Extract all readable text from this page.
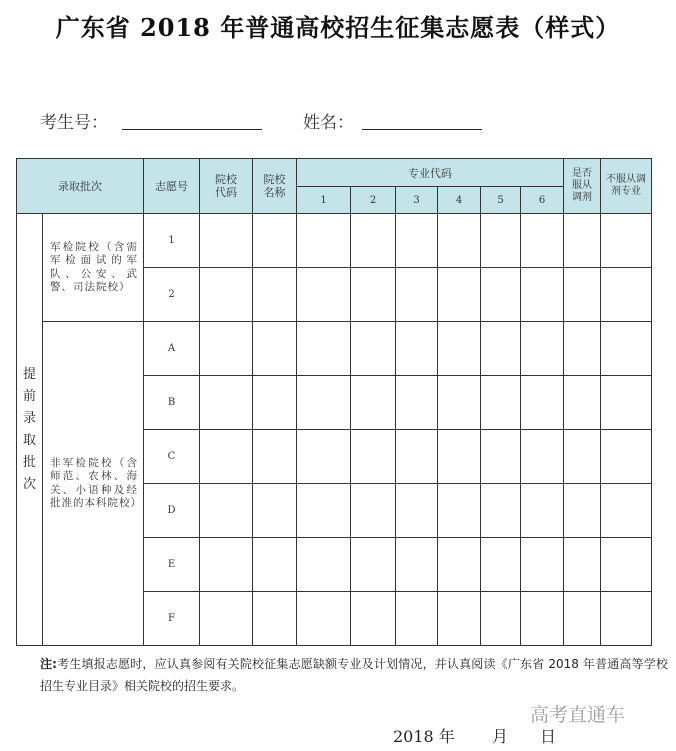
广东省 2018 年普通高校招生征集志愿表（样式）
考生号：	姓名：
录取批次		志愿号	院校代码	院校名称	专业代码						是否服从调剂	不服从调剂专业
					1	2	3	4	5	6		
提前录取批次	军检院校（含需军检面试的军队、公安、武警、司法院校）	1										
		2										

	非军检院校（含师范、农林、海关、小语种及经批准的本科院校）	A										
		B										
		C										
		D										
		E										
		F										
注:考生填报志愿时，应认真参阅有关院校征集志愿缺额专业及计划情况，并认真阅读《广东省 2018 年普通高等学校招生专业目录》相关院校的招生要求。
高考直通车
2018 年 月 日
